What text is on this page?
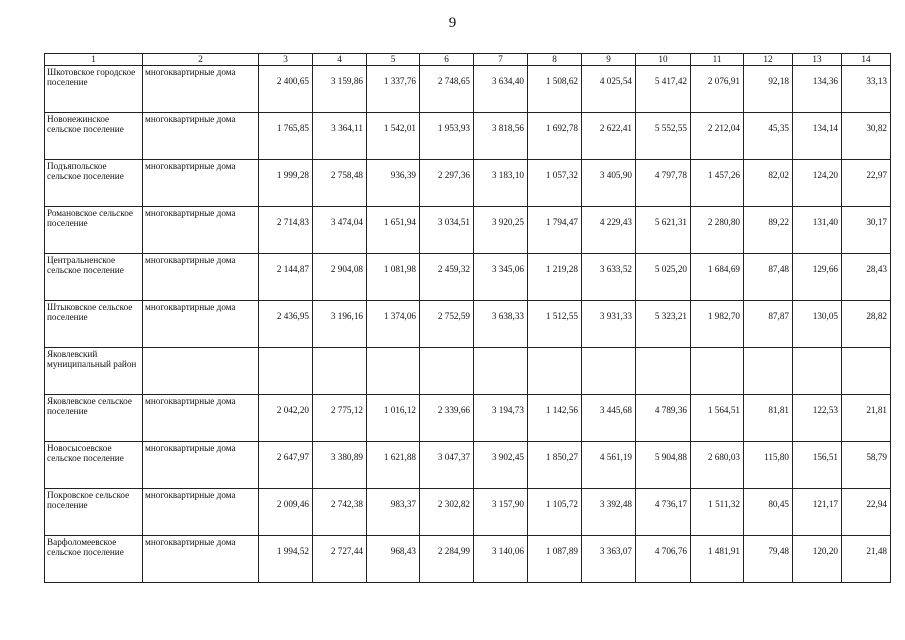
9
1	2	3	4	5	6	7	8	9	10	11	12	13	14
Шкотовское городское поселение	многоквартирные дома	2 400,65	3 159,86	1 337,76	2 748,65	3 634,40	1 508,62	4 025,54	5 417,42	2 076,91	92,18	134,36	33,13
Новонежинское сельское поселение	многоквартирные дома	1 765,85	3 364,11	1 542,01	1 953,93	3 818,56	1 692,78	2 622,41	5 552,55	2 212,04	45,35	134,14	30,82
Подъяпольское сельское поселение	многоквартирные дома	1 999,28	2 758,48	936,39	2 297,36	3 183,10	1 057,32	3 405,90	4 797,78	1 457,26	82,02	124,20	22,97
Романовское сельское поселение	многоквартирные дома	2 714,83	3 474,04	1 651,94	3 034,51	3 920,25	1 794,47	4 229,43	5 621,31	2 280,80	89,22	131,40	30,17
Центральненское сельское поселение	многоквартирные дома	2 144,87	2 904,08	1 081,98	2 459,32	3 345,06	1 219,28	3 633,52	5 025,20	1 684,69	87,48	129,66	28,43
Штыковское сельское поселение	многоквартирные дома	2 436,95	3 196,16	1 374,06	2 752,59	3 638,33	1 512,55	3 931,33	5 323,21	1 982,70	87,87	130,05	28,82
Яковлевский муниципальный район													
Яковлевское сельское поселение	многоквартирные дома	2 042,20	2 775,12	1 016,12	2 339,66	3 194,73	1 142,56	3 445,68	4 789,36	1 564,51	81,81	122,53	21,81
Новосысоевское сельское поселение	многоквартирные дома	2 647,97	3 380,89	1 621,88	3 047,37	3 902,45	1 850,27	4 561,19	5 904,88	2 680,03	115,80	156,51	58,79
Покровское сельское поселение	многоквартирные дома	2 009,46	2 742,38	983,37	2 302,82	3 157,90	1 105,72	3 392,48	4 736,17	1 511,32	80,45	121,17	22,94
Варфоломеевское сельское поселение	многоквартирные дома	1 994,52	2 727,44	968,43	2 284,99	3 140,06	1 087,89	3 363,07	4 706,76	1 481,91	79,48	120,20	21,48
